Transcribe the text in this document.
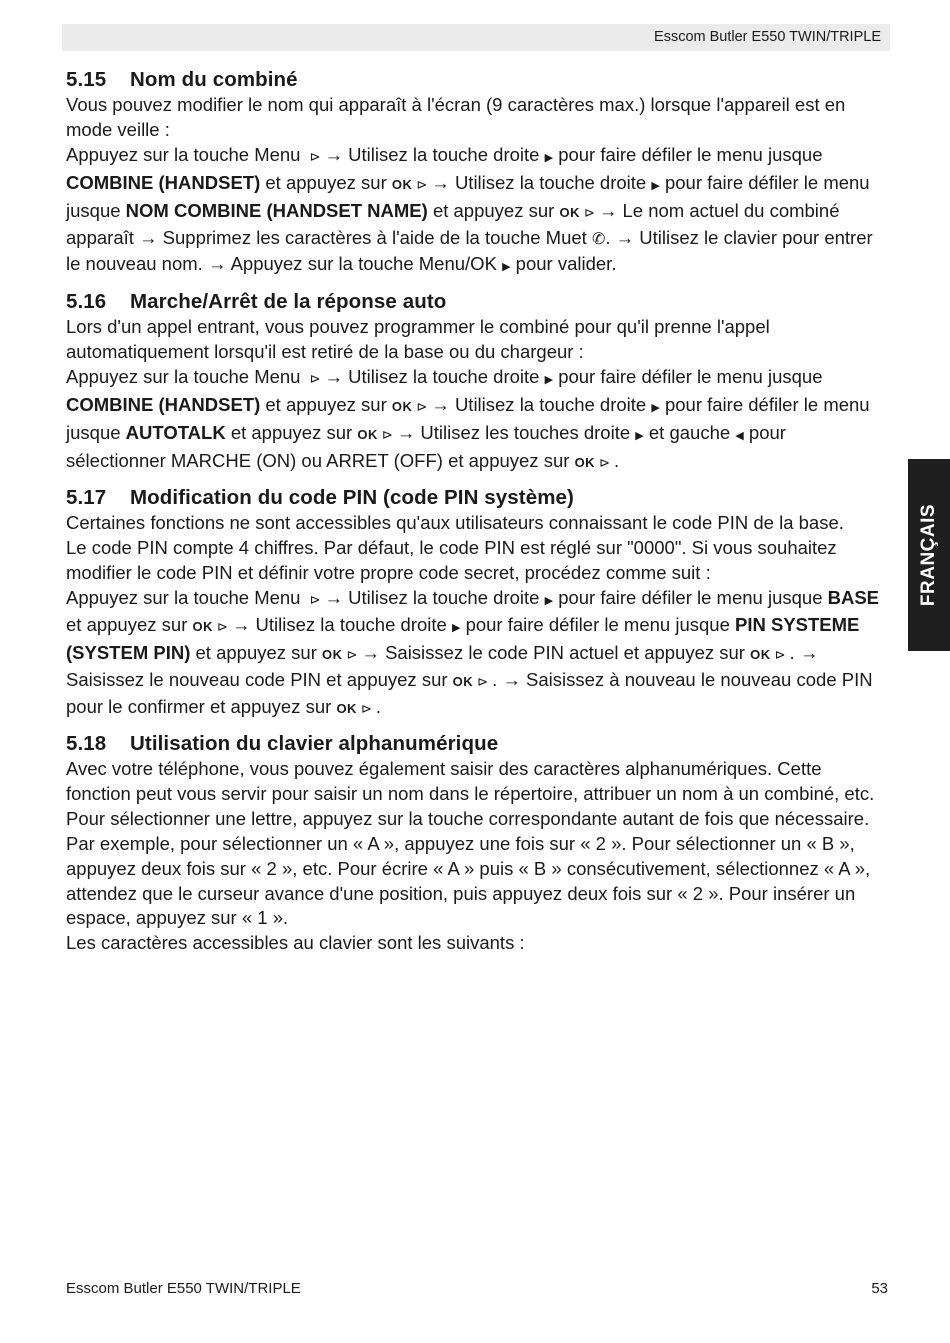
Esscom Butler E550 TWIN/TRIPLE
FRANÇAIS
5.15 Nom du combiné

Vous pouvez modifier le nom qui apparaît à l'écran (9 caractères max.) lorsque l'appareil est en mode veille :

Appuyez sur la touche Menu ⊳ → Utilisez la touche droite ▶ pour faire défiler le menu jusque COMBINE (HANDSET) et appuyez sur OK ⊳ → Utilisez la touche droite ▶ pour faire défiler le menu jusque NOM COMBINE (HANDSET NAME) et appuyez sur OK ⊳ → Le nom actuel du combiné apparaît → Supprimez les caractères à l'aide de la touche Muet ✆. → Utilisez le clavier pour entrer le nouveau nom. → Appuyez sur la touche Menu/OK ▶ pour valider.

5.16 Marche/Arrêt de la réponse auto

Lors d'un appel entrant, vous pouvez programmer le combiné pour qu'il prenne l'appel automatiquement lorsqu'il est retiré de la base ou du chargeur :

Appuyez sur la touche Menu ⊳ → Utilisez la touche droite ▶ pour faire défiler le menu jusque COMBINE (HANDSET) et appuyez sur OK ⊳ → Utilisez la touche droite ▶ pour faire défiler le menu jusque AUTOTALK et appuyez sur OK ⊳ → Utilisez les touches droite ▶ et gauche ◀ pour sélectionner MARCHE (ON) ou ARRET (OFF) et appuyez sur OK ⊳ .

5.17 Modification du code PIN (code PIN système)

Certaines fonctions ne sont accessibles qu'aux utilisateurs connaissant le code PIN de la base.

Le code PIN compte 4 chiffres. Par défaut, le code PIN est réglé sur "0000". Si vous souhaitez modifier le code PIN et définir votre propre code secret, procédez comme suit :

Appuyez sur la touche Menu ⊳ → Utilisez la touche droite ▶ pour faire défiler le menu jusque BASE et appuyez sur OK ⊳ → Utilisez la touche droite ▶ pour faire défiler le menu jusque PIN SYSTEME (SYSTEM PIN) et appuyez sur OK ⊳ → Saisissez le code PIN actuel et appuyez sur OK ⊳ . → Saisissez le nouveau code PIN et appuyez sur OK ⊳ . → Saisissez à nouveau le nouveau code PIN pour le confirmer et appuyez sur OK ⊳ .

5.18 Utilisation du clavier alphanumérique

Avec votre téléphone, vous pouvez également saisir des caractères alphanumériques. Cette fonction peut vous servir pour saisir un nom dans le répertoire, attribuer un nom à un combiné, etc.

Pour sélectionner une lettre, appuyez sur la touche correspondante autant de fois que nécessaire. Par exemple, pour sélectionner un « A », appuyez une fois sur « 2 ». Pour sélectionner un « B », appuyez deux fois sur « 2 », etc. Pour écrire « A » puis « B » consécutivement, sélectionnez « A », attendez que le curseur avance d'une position, puis appuyez deux fois sur « 2 ». Pour insérer un espace, appuyez sur « 1 ».

Les caractères accessibles au clavier sont les suivants :

Esscom Butler E550 TWIN/TRIPLE	53
